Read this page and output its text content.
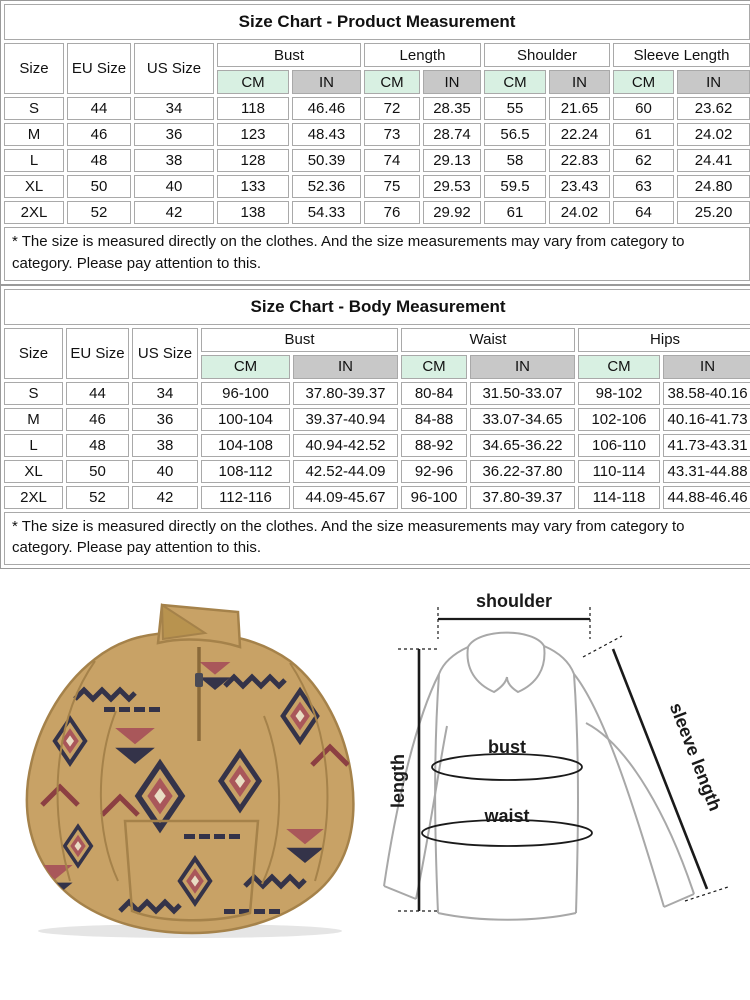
Size Chart - Product Measurement										
Size	EU Size	US Size	Bust		Length		Shoulder		Sleeve Length	
			CM	IN	CM	IN	CM	IN	CM	IN
S	44	34	118	46.46	72	28.35	55	21.65	60	23.62
M	46	36	123	48.43	73	28.74	56.5	22.24	61	24.02
L	48	38	128	50.39	74	29.13	58	22.83	62	24.41
XL	50	40	133	52.36	75	29.53	59.5	23.43	63	24.80
2XL	52	42	138	54.33	76	29.92	61	24.02	64	25.20
* The size is measured directly on the clothes. And the size measurements may vary from category to category. Please pay attention to this.										
Size Chart - Body Measurement								
Size	EU Size	US Size	Bust		Waist		Hips	
			CM	IN	CM	IN	CM	IN
S	44	34	96-100	37.80-39.37	80-84	31.50-33.07	98-102	38.58-40.16
M	46	36	100-104	39.37-40.94	84-88	33.07-34.65	102-106	40.16-41.73
L	48	38	104-108	40.94-42.52	88-92	34.65-36.22	106-110	41.73-43.31
XL	50	40	108-112	42.52-44.09	92-96	36.22-37.80	110-114	43.31-44.88
2XL	52	42	112-116	44.09-45.67	96-100	37.80-39.37	114-118	44.88-46.46
* The size is measured directly on the clothes. And the size measurements may vary from category to category. Please pay attention to this.								
shoulder
length	sleeve length
bust
waist
